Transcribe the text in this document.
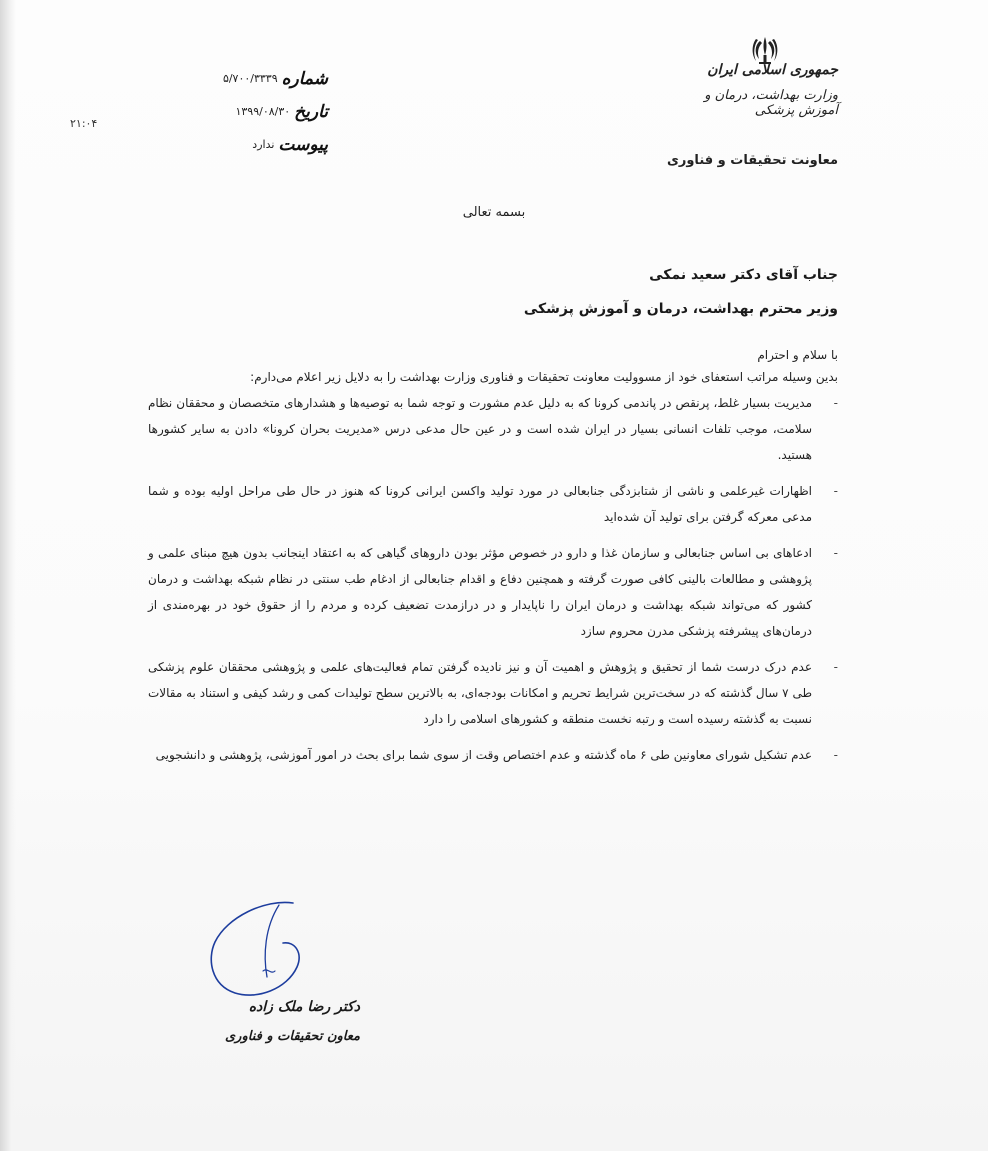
جمهوری اسلامی ایران
وزارت بهداشت، درمان و آموزش پزشکی
معاونت تحقیقات و فناوری
شماره
۵/۷۰۰/۳۳۳۹
تاریخ
۱۳۹۹/۰۸/۳۰
پیوست
ندارد
۲۱:۰۴
بسمه تعالی
جناب آقای دکتر سعید نمکی
وزیر محترم بهداشت، درمان و آموزش پزشکی
با سلام و احترام
بدین وسیله مراتب استعفای خود از مسوولیت معاونت تحقیقات و فناوری وزارت بهداشت را به دلایل زیر اعلام می‌دارم:
-
مدیریت بسیار غلط، پرنقص در پاندمی کرونا که به دلیل عدم مشورت و توجه شما به توصیه‌ها و هشدارهای متخصصان و محققان نظام سلامت، موجب تلفات انسانی بسیار در ایران شده است و در عین حال مدعی درس «مدیریت بحران کرونا» دادن به سایر کشورها هستید.
-
اظهارات غیرعلمی و ناشی از شتابزدگی جنابعالی در مورد تولید واکسن ایرانی کرونا که هنوز در حال طی مراحل اولیه بوده و شما مدعی معرکه گرفتن برای تولید آن شده‌اید
-
ادعاهای بی اساس جنابعالی و سازمان غذا و دارو در خصوص مؤثر بودن داروهای گیاهی که به اعتقاد اینجانب بدون هیچ مبنای علمی و پژوهشی و مطالعات بالینی کافی صورت گرفته و همچنین دفاع و اقدام جنابعالی از ادغام طب سنتی در نظام شبکه بهداشت و درمان کشور که می‌تواند شبکه بهداشت و درمان ایران را ناپایدار و در درازمدت تضعیف کرده و مردم را از حقوق خود در بهره‌مندی از درمان‌های پیشرفته پزشکی مدرن محروم سازد
-
عدم درک درست شما از تحقیق و پژوهش و اهمیت آن و نیز نادیده گرفتن تمام فعالیت‌های علمی و پژوهشی محققان علوم پزشکی طی ۷ سال گذشته که در سخت‌ترین شرایط تحریم و امکانات بودجه‌ای، به بالاترین سطح تولیدات کمی و رشد کیفی و استناد به مقالات نسبت به گذشته رسیده است و رتبه نخست منطقه و کشورهای اسلامی را دارد
-
عدم تشکیل شورای معاونین طی ۶ ماه گذشته و عدم اختصاص وقت از سوی شما برای بحث در امور آموزشی، پژوهشی و دانشجویی
دکتر رضا ملک زاده
معاون تحقیقات و فناوری
